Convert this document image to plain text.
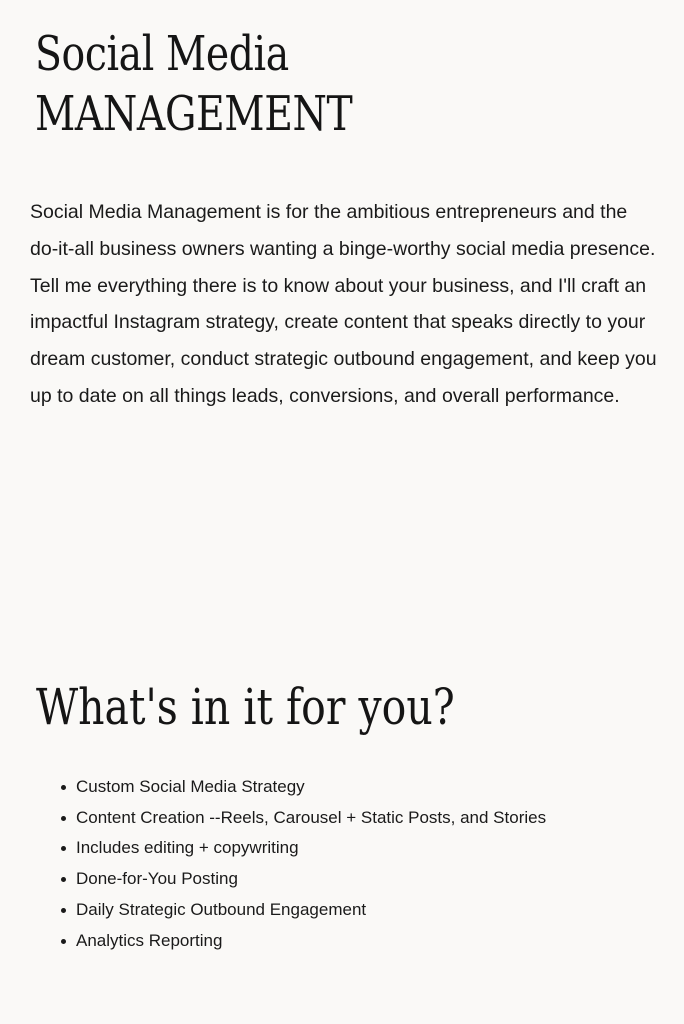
Social Media
MANAGEMENT

Social Media Management is for the ambitious entrepreneurs and the do-it-all business owners wanting a binge-worthy social media presence. Tell me everything there is to know about your business, and I'll craft an impactful Instagram strategy, create content that speaks directly to your dream customer, conduct strategic outbound engagement, and keep you up to date on all things leads, conversions, and overall performance.

What's in it for you?
Custom Social Media Strategy
Content Creation --Reels, Carousel + Static Posts, and Stories
Includes editing + copywriting
Done-for-You Posting
Daily Strategic Outbound Engagement
Analytics Reporting
